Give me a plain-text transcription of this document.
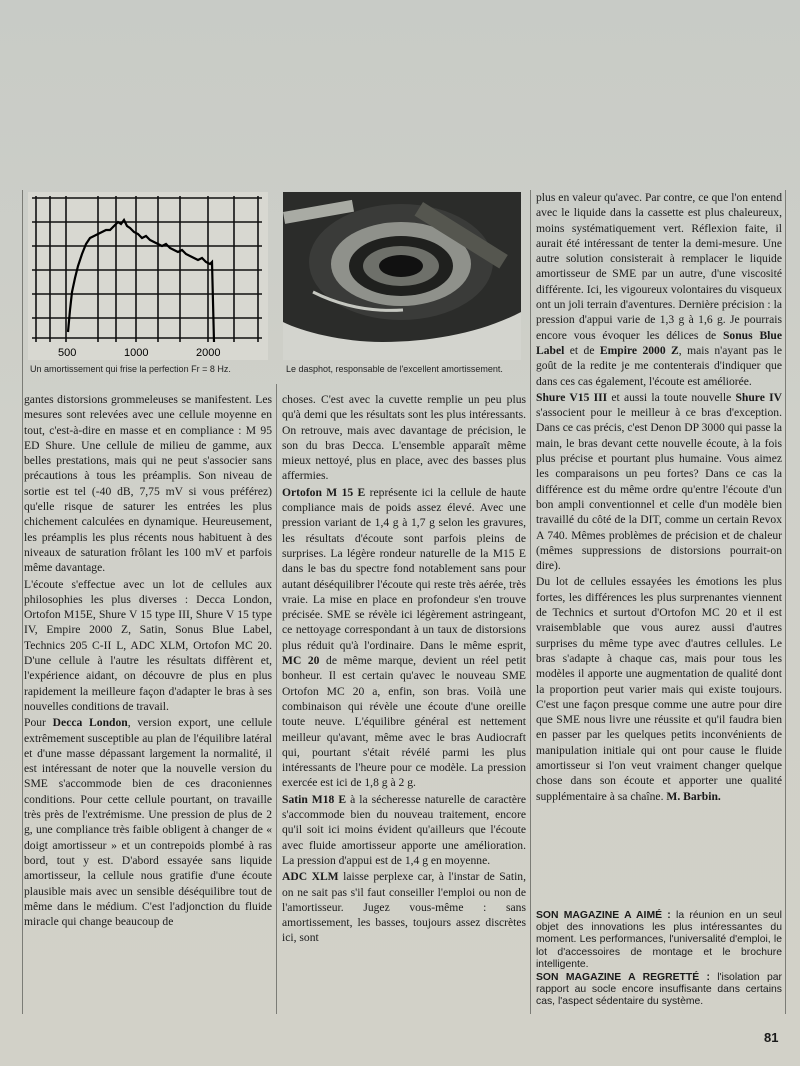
500	1000	2000
Un amortissement qui frise la perfection Fr = 8 Hz.	Le dasphot, responsable de l'excellent amortissement.

gantes distorsions grommeleuses se manifestent. Les mesures sont relevées avec une cellule moyenne en tout, c'est-à-dire en masse et en compliance : M 95 ED Shure. Une cellule de milieu de gamme, aux belles prestations, mais qui ne peut s'associer sans précautions à tous les préamplis. Son niveau de sortie est tel (-40 dB, 7,75 mV si vous préférez) qu'elle risque de saturer les entrées les plus chichement calculées en dynamique. Heureusement, les préamplis les plus récents nous habituent à des niveaux de saturation frôlant les 100 mV et parfois même davantage.

L'écoute s'effectue avec un lot de cellules aux philosophies les plus diverses : Decca London, Ortofon M15E, Shure V 15 type III, Shure V 15 type IV, Empire 2000 Z, Satin, Sonus Blue Label, Technics 205 C-II L, ADC XLM, Ortofon MC 20. D'une cellule à l'autre les résultats diffèrent et, l'expérience aidant, on découvre de plus en plus rapidement la meilleure façon d'adapter le bras à ses nouvelles conditions de travail.

Pour Decca London, version export, une cellule extrêmement susceptible au plan de l'équilibre latéral et d'une masse dépassant largement la normalité, il est intéressant de noter que la nouvelle version du SME s'accommode bien de ces draconiennes conditions. Pour cette cellule pourtant, on travaille très près de l'extrémisme. Une pression de plus de 2 g, une compliance très faible obligent à changer de « doigt amortisseur » et un contrepoids plombé à ras bord, tout y est. D'abord essayée sans liquide amortisseur, la cellule nous gratifie d'une écoute plausible mais avec un sensible déséquilibre tout de même dans le médium. C'est l'adjonction du fluide miracle qui change beaucoup de

choses. C'est avec la cuvette remplie un peu plus qu'à demi que les résultats sont les plus intéressants. On retrouve, mais avec davantage de précision, le son du bras Decca. L'ensemble apparaît même mieux nettoyé, plus en place, avec des basses plus affermies.

Ortofon M 15 E représente ici la cellule de haute compliance mais de poids assez élevé. Avec une pression variant de 1,4 g à 1,7 g selon les gravures, les résultats d'écoute sont parfois pleins de surprises. La légère rondeur naturelle de la M15 E dans le bas du spectre fond notablement sans pour autant déséquilibrer l'écoute qui reste très aérée, très vraie. La mise en place en profondeur s'en trouve précisée. SME se révèle ici légèrement astringeant, ce nettoyage correspondant à un taux de distorsions plus réduit qu'à l'ordinaire. Dans le même esprit, MC 20 de même marque, devient un réel petit bonheur. Il est certain qu'avec le nouveau SME Ortofon MC 20 a, enfin, son bras. Voilà une combinaison qui révèle une écoute d'une oreille toute neuve. L'équilibre général est nettement meilleur qu'avant, même avec le bras Audiocraft qui, pourtant s'était révélé parmi les plus intéressants de l'heure pour ce modèle. La pression exercée est ici de 1,8 g à 2 g.

Satin M18 E à la sécheresse naturelle de caractère s'accommode bien du nouveau traitement, encore qu'il soit ici moins évident qu'ailleurs que l'écoute avec fluide amortisseur apporte une amélioration. La pression d'appui est de 1,4 g en moyenne.

ADC XLM laisse perplexe car, à l'instar de Satin, on ne sait pas s'il faut conseiller l'emploi ou non de l'amortisseur. Jugez vous-même : sans amortissement, les basses, toujours assez discrètes ici, sont

plus en valeur qu'avec. Par contre, ce que l'on entend avec le liquide dans la cassette est plus chaleureux, moins systématiquement vert. Réflexion faite, il aurait été intéressant de tenter la demi-mesure. Une autre solution consisterait à remplacer le liquide amortisseur de SME par un autre, d'une viscosité différente. Ici, les vigoureux volontaires du visqueux ont un joli terrain d'aventures. Dernière précision : la pression d'appui varie de 1,3 g à 1,6 g. Je pourrais encore vous évoquer les délices de Sonus Blue Label et de Empire 2000 Z, mais n'ayant pas le goût de la redite je me contenterais d'indiquer que dans ces cas également, l'écoute est améliorée.

Shure V15 III et aussi la toute nouvelle Shure IV s'associent pour le meilleur à ce bras d'exception. Dans ce cas précis, c'est Denon DP 3000 qui passe la main, le bras devant cette nouvelle écoute, à la fois plus précise et pourtant plus humaine. Vous aimez les comparaisons un peu fortes? Dans ce cas la différence est du même ordre qu'entre l'écoute d'un bon ampli conventionnel et celle d'un modèle bien travaillé du côté de la DIT, comme un certain Revox A 740. Mêmes problèmes de précision et de chaleur (mêmes suppressions de distorsions pourrait-on dire).

Du lot de cellules essayées les émotions les plus fortes, les différences les plus surprenantes viennent de Technics et surtout d'Ortofon MC 20 et il est vraisemblable que vous aurez aussi d'autres surprises du même type avec d'autres cellules. Le bras s'adapte à chaque cas, mais pour tous les modèles il apporte une augmentation de qualité dont la proportion peut varier mais qui existe toujours. C'est une façon presque comme une autre pour dire que SME nous livre une réussite et qu'il faudra bien en passer par les quelques petits inconvénients de manipulation initiale qui ont pour cause le fluide amortisseur si l'on veut vraiment changer quelque chose dans son écoute et apporter une qualité supplémentaire à sa chaîne. M. Barbin.

SON MAGAZINE A AIMÉ : la réunion en un seul objet des innovations les plus intéressantes du moment. Les performances, l'universalité d'emploi, le lot d'accessoires de montage et le brochure intelligente.

SON MAGAZINE A REGRETTÉ : l'isolation par rapport au socle encore insuffisante dans certains cas, l'aspect sédentaire du système.

81
